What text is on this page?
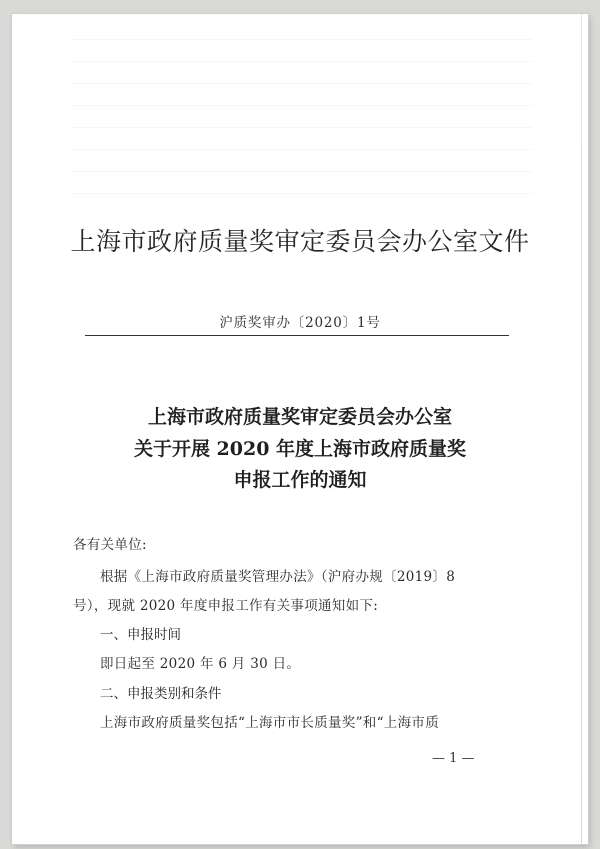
上海市政府质量奖审定委员会办公室文件
沪质奖审办〔2020〕1号
上海市政府质量奖审定委员会办公室
关于开展 2020 年度上海市政府质量奖
申报工作的通知
各有关单位:
根据《上海市政府质量奖管理办法》（沪府办规〔2019〕8
号），现就 2020 年度申报工作有关事项通知如下:
一、申报时间
即日起至 2020 年 6 月 30 日。
二、申报类别和条件
上海市政府质量奖包括“上海市市长质量奖”和“上海市质
— 1 —
